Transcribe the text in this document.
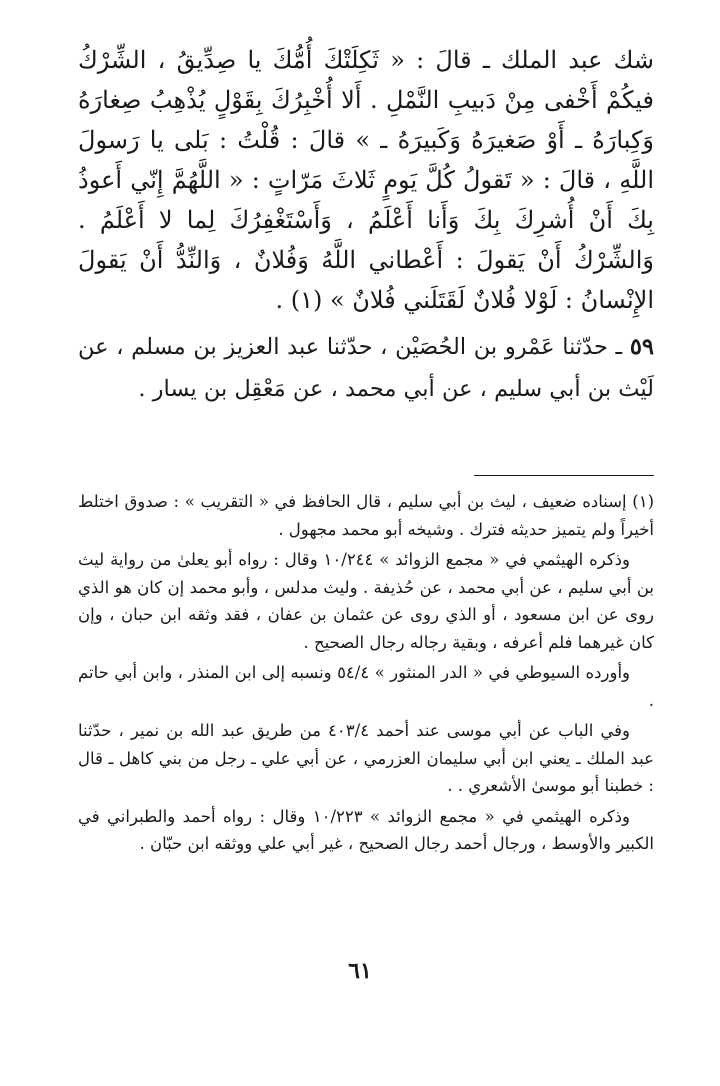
شك عبد الملك ـ قالَ : « ثَكِلَتْكَ أُمُّكَ يا صِدِّيقُ ، الشِّرْكُ فيكُمْ أَخْفى مِنْ دَبيبِ النَّمْلِ . أَلا أُخْبِرُكَ بِقَوْلٍ يُذْهِبُ صِغارَهُ وَكِبارَهُ ـ أَوْ صَغيرَهُ وَكَبيرَهُ ـ » قالَ : قُلْتُ : بَلى يا رَسولَ اللَّهِ ، قالَ : « تَقولُ كُلَّ يَومٍ ثَلاثَ مَرّاتٍ : « اللَّهُمَّ إِنّي أَعوذُ بِكَ أَنْ أُشرِكَ بِكَ وَأَنا أَعْلَمُ ، وَأَسْتَغْفِرُكَ لِما لا أَعْلَمُ . وَالشِّرْكُ أَنْ يَقولَ : أَعْطاني اللَّهُ وَفُلانٌ ، وَالنِّدُّ أَنْ يَقولَ الإِنْسانُ : لَوْلا فُلانٌ لَقَتَلَني فُلانٌ » (١) .

٥٩ ـ حدّثنا عَمْرو بن الحُصَيْن ، حدّثنا عبد العزيز بن مسلم ، عن لَيْث بن أبي سليم ، عن أبي محمد ، عن مَعْقِل بن يسار .

(١) إسناده ضعيف ، ليث بن أبي سليم ، قال الحافظ في « التقريب » : صدوق اختلط أخيراً ولم يتميز حديثه فترك . وشيخه أبو محمد مجهول .

وذكره الهيثمي في « مجمع الزوائد » ١٠/٢٤٤ وقال : رواه أبو يعلىٰ من رواية ليث بن أبي سليم ، عن أبي محمد ، عن حُذيفة . وليث مدلس ، وأبو محمد إن كان هو الذي روى عن ابن مسعود ، أو الذي روى عن عثمان بن عفان ، فقد وثقه ابن حبان ، وإن كان غيرهما فلم أعرفه ، وبقية رجاله رجال الصحيح .

وأورده السيوطي في « الدر المنثور » ٥٤/٤ ونسبه إلى ابن المنذر ، وابن أبي حاتم .

وفي الباب عن أبي موسى عند أحمد ٤٠٣/٤ من طريق عبد الله بن نمير ، حدّثنا عبد الملك ـ يعني ابن أبي سليمان العزرمي ، عن أبي علي ـ رجل من بني كاهل ـ قال : خطبنا أبو موسىٰ الأشعري . .

وذكره الهيثمي في « مجمع الزوائد » ١٠/٢٢٣ وقال : رواه أحمد والطبراني في الكبير والأوسط ، ورجال أحمد رجال الصحيح ، غير أبي علي ووثقه ابن حبّان .

٦١
